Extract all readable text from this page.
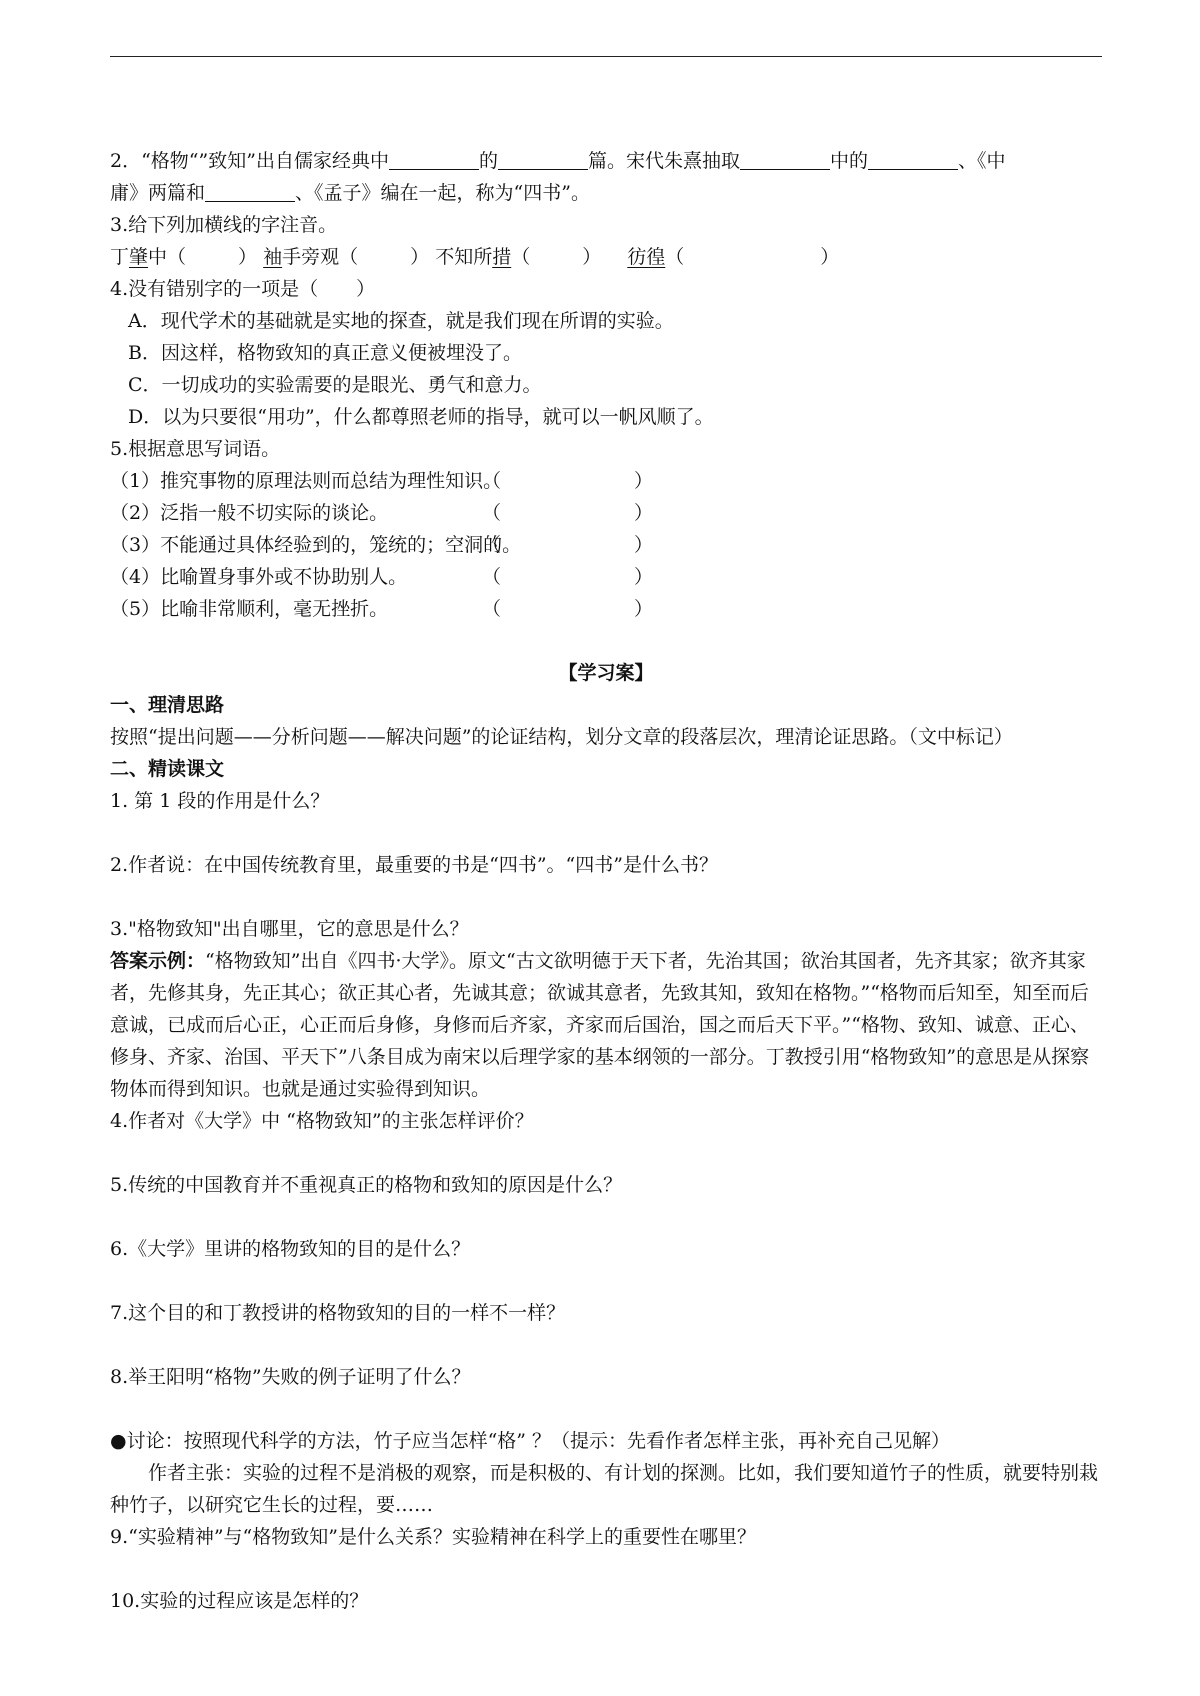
2．“格物“”致知”出自儒家经典中	的	篇。宋代朱熹抽取	中的	、《中

庸》两篇和	、《孟子》编在一起，称为“四书”。

3.给下列加横线的字注音。

丁肇中（	） 袖手旁观（	） 不知所措（	） 彷徨（	）

4.没有错别字的一项是（　　）

A．现代学术的基础就是实地的探查，就是我们现在所谓的实验。

B．因这样，格物致知的真正意义便被埋没了。

C．一切成功的实验需要的是眼光、勇气和意力。

D．以为只要很“用功”，什么都尊照老师的指导，就可以一帆风顺了。

5.根据意思写词语。

（1）推究事物的原理法则而总结为理性知识。（　　　　　　　）

（2）泛指一般不切实际的谈论。	（　　　　　　　）

（3）不能通过具体经验到的，笼统的；空洞的。（　　　　　　　）

（4）比喻置身事外或不协助别人。	（　　　　　　　）

（5）比喻非常顺利，毫无挫折。	（　　　　　　　）

【学习案】

一、理清思路

按照“提出问题——分析问题——解决问题”的论证结构，划分文章的段落层次，理清论证思路。（文中标记）

二、精读课文

1. 第 1 段的作用是什么？

2.作者说：在中国传统教育里，最重要的书是“四书”。“四书”是什么书？

3."格物致知"出自哪里，它的意思是什么？

答案示例：“格物致知”出自《四书·大学》。原文“古文欲明德于天下者，先治其国；欲治其国者，先齐其家；欲齐其家者，先修其身，先正其心；欲正其心者，先诚其意；欲诚其意者，先致其知，致知在格物。”“格物而后知至，知至而后意诚，已成而后心正，心正而后身修，身修而后齐家，齐家而后国治，国之而后天下平。”“格物、致知、诚意、正心、修身、齐家、治国、平天下”八条目成为南宋以后理学家的基本纲领的一部分。丁教授引用“格物致知”的意思是从探察物体而得到知识。也就是通过实验得到知识。

4.作者对《大学》中 “格物致知”的主张怎样评价？

5.传统的中国教育并不重视真正的格物和致知的原因是什么？

6.《大学》里讲的格物致知的目的是什么？

7.这个目的和丁教授讲的格物致知的目的一样不一样？

8.举王阳明“格物”失败的例子证明了什么？

●讨论：按照现代科学的方法，竹子应当怎样“格” ？（提示：先看作者怎样主张，再补充自己见解）

作者主张：实验的过程不是消极的观察，而是积极的、有计划的探测。比如，我们要知道竹子的性质，就要特别栽种竹子，以研究它生长的过程，要……

9.“实验精神”与“格物致知”是什么关系？实验精神在科学上的重要性在哪里？

10.实验的过程应该是怎样的？
